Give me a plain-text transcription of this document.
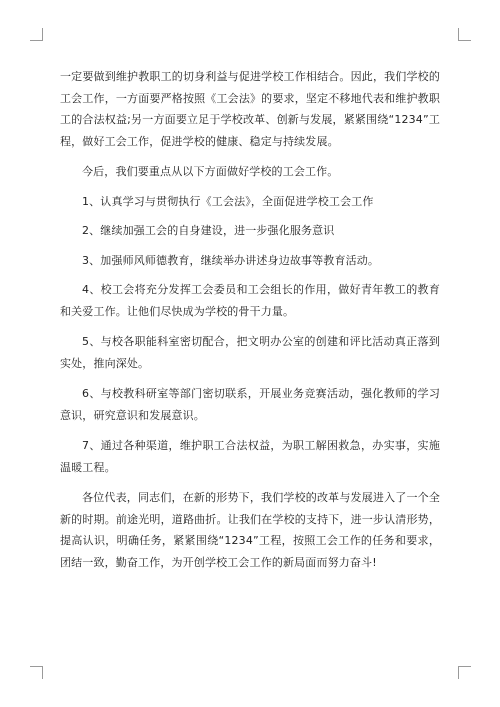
一定要做到维护教职工的切身利益与促进学校工作相结合。因此，我们学校的工会工作，一方面要严格按照《工会法》的要求，坚定不移地代表和维护教职工的合法权益;另一方面要立足于学校改革、创新与发展，紧紧围绕“1234”工程，做好工会工作，促进学校的健康、稳定与持续发展。

今后，我们要重点从以下方面做好学校的工会工作。

1、认真学习与贯彻执行《工会法》，全面促进学校工会工作

2、继续加强工会的自身建设，进一步强化服务意识

3、加强师风师德教育，继续举办讲述身边故事等教育活动。

4、校工会将充分发挥工会委员和工会组长的作用，做好青年教工的教育和关爱工作。让他们尽快成为学校的骨干力量。

5、与校各职能科室密切配合，把文明办公室的创建和评比活动真正落到实处，推向深处。

6、与校教科研室等部门密切联系，开展业务竞赛活动，强化教师的学习意识，研究意识和发展意识。

7、通过各种渠道，维护职工合法权益，为职工解困救急，办实事，实施温暖工程。

各位代表，同志们，在新的形势下，我们学校的改革与发展进入了一个全新的时期。前途光明，道路曲折。让我们在学校的支持下，进一步认清形势，提高认识，明确任务，紧紧围绕“1234”工程，按照工会工作的任务和要求，团结一致，勤奋工作，为开创学校工会工作的新局面而努力奋斗!
